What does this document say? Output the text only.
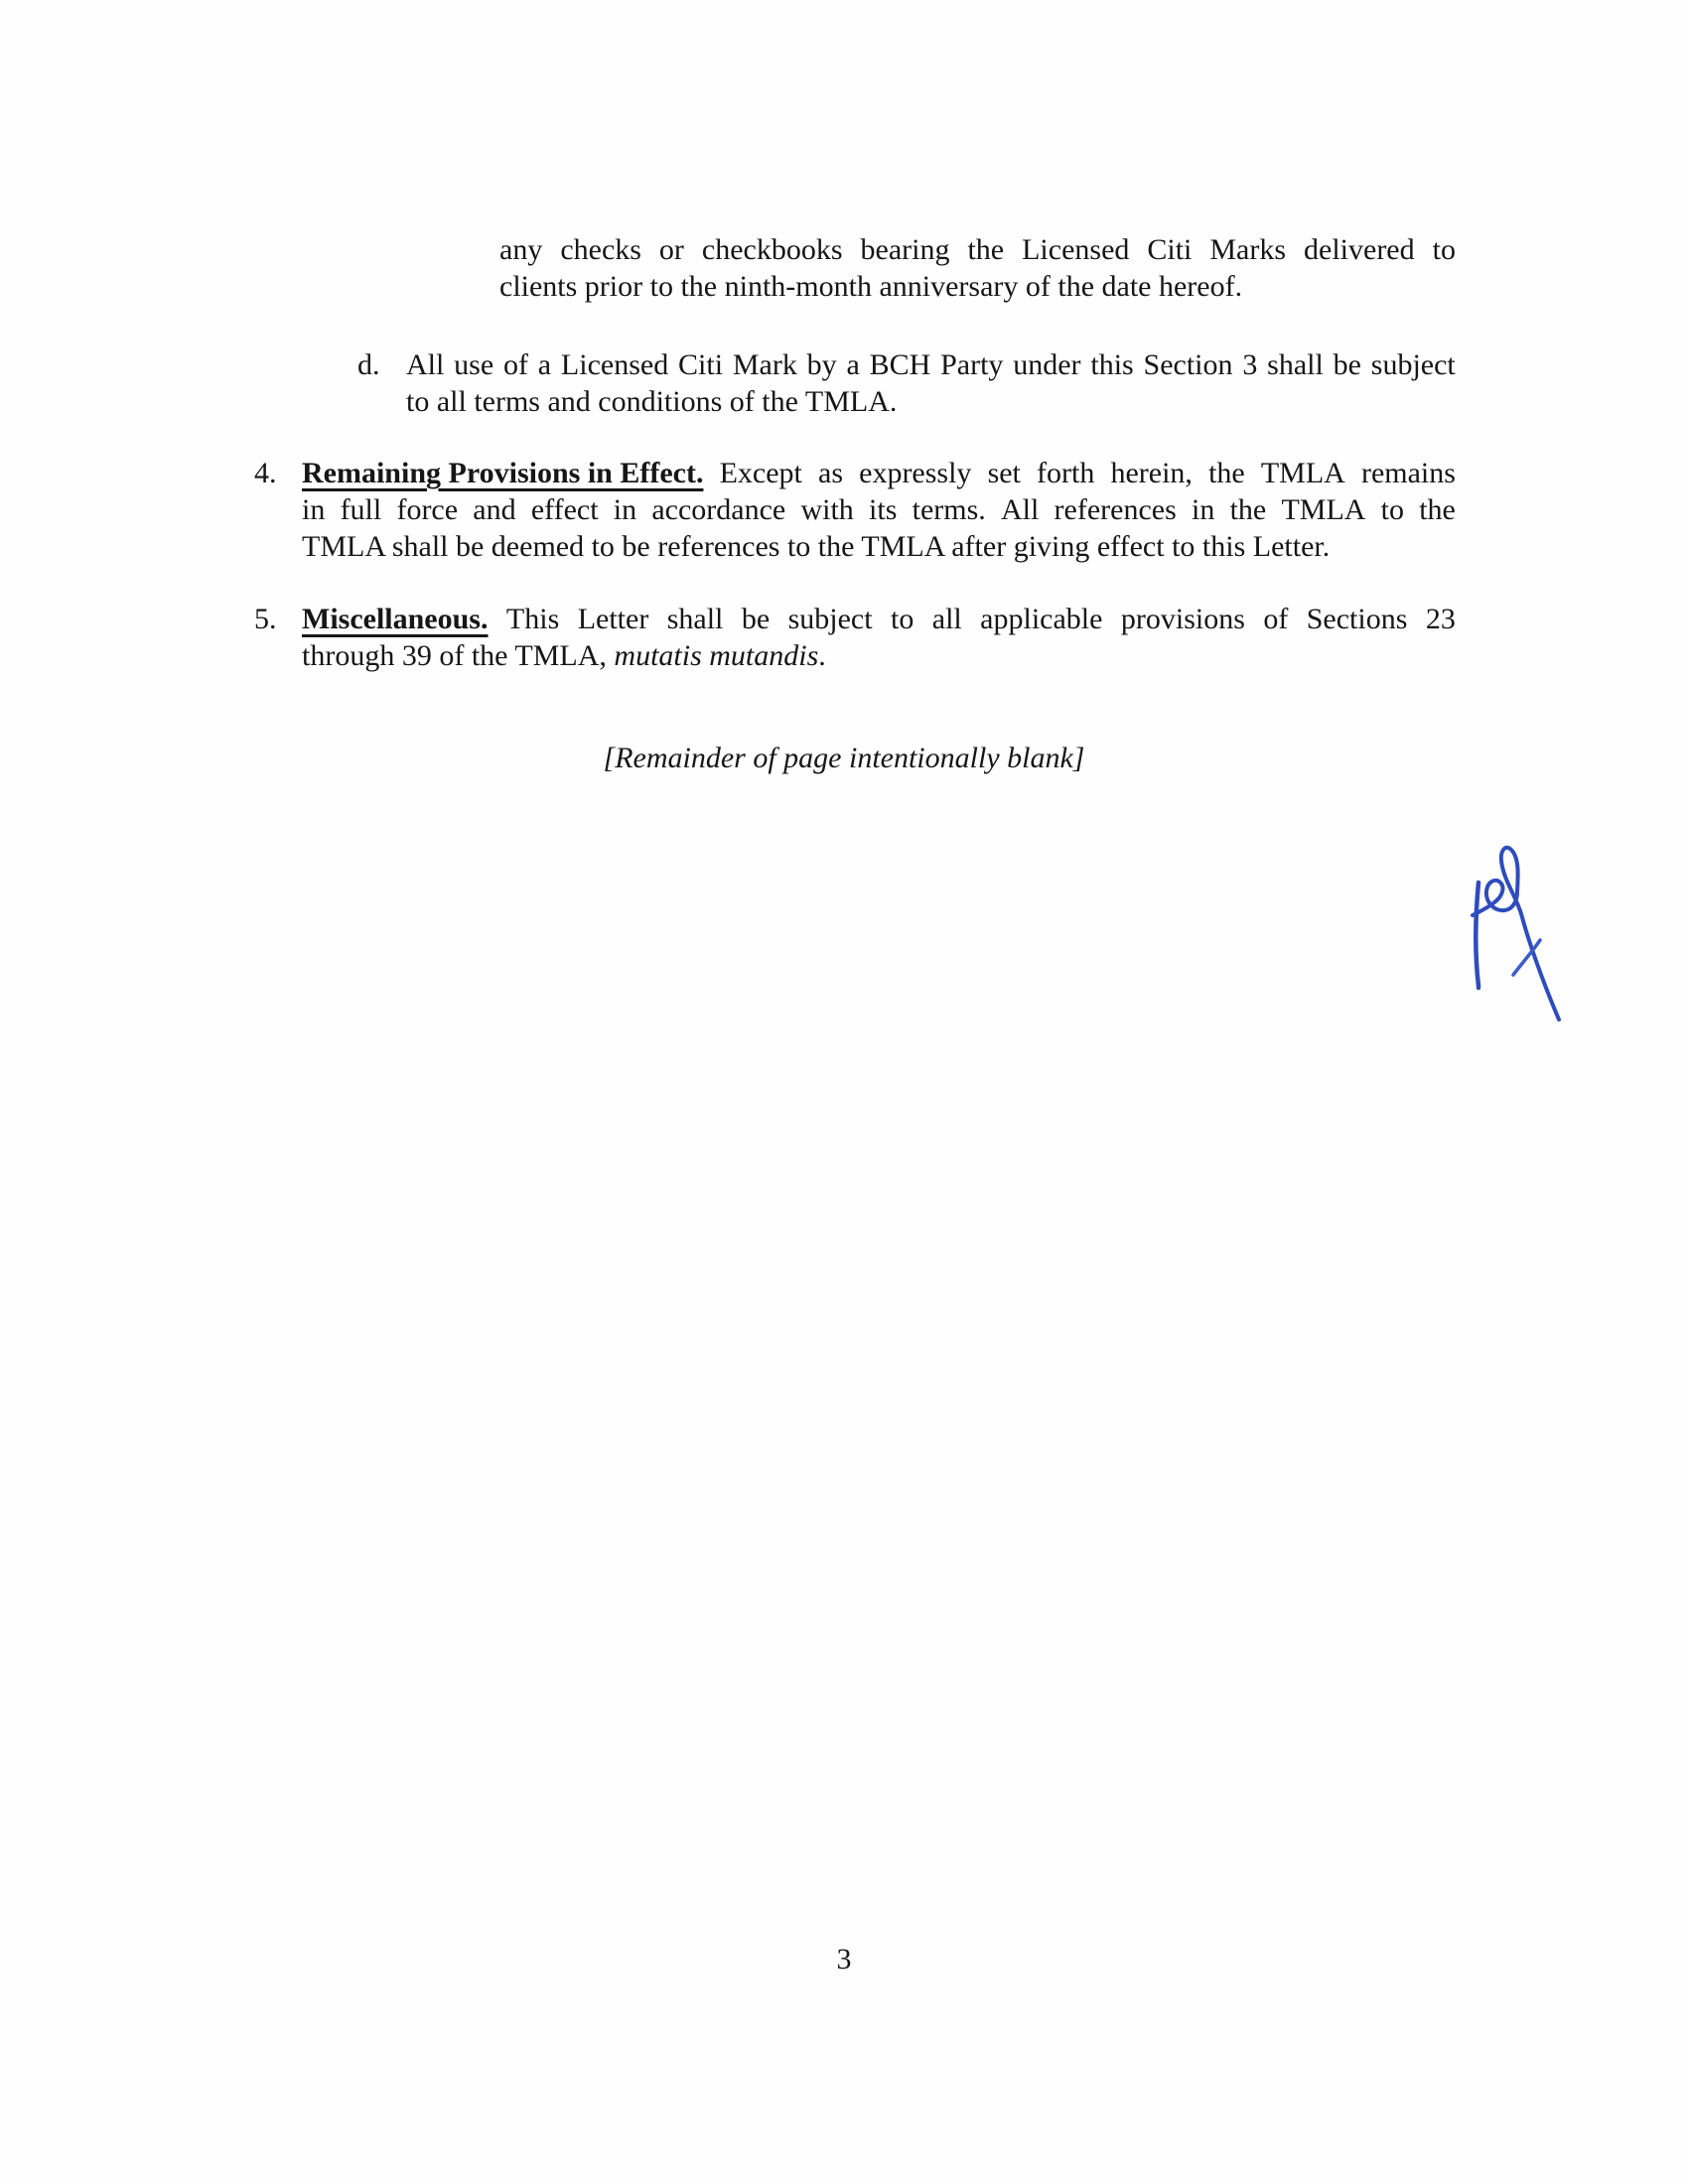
any checks or checkbooks bearing the Licensed Citi Marks delivered to
clients prior to the ninth-month anniversary of the date hereof.
d. All use of a Licensed Citi Mark by a BCH Party under this Section 3 shall be subject
to all terms and conditions of the TMLA.
4. Remaining Provisions in Effect. Except as expressly set forth herein, the TMLA remains
in full force and effect in accordance with its terms. All references in the TMLA to the
TMLA shall be deemed to be references to the TMLA after giving effect to this Letter.
5. Miscellaneous. This Letter shall be subject to all applicable provisions of Sections 23
through 39 of the TMLA, mutatis mutandis.
[Remainder of page intentionally blank]
3
